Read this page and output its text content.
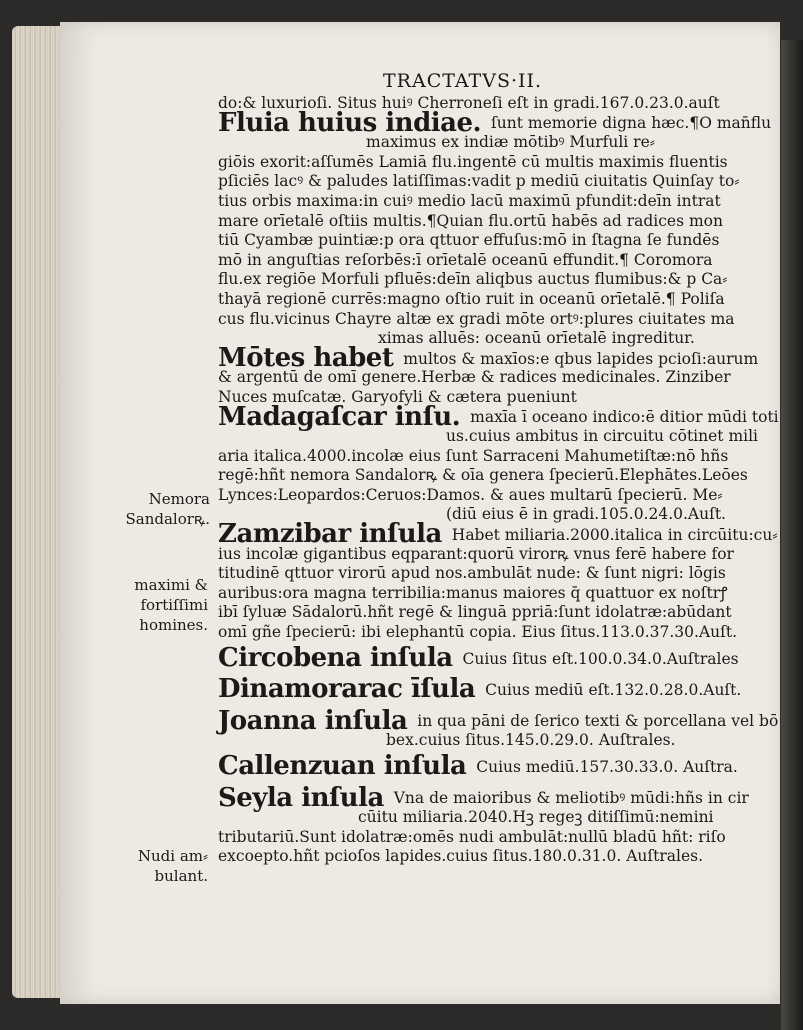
TRACTATVS·II.
Nemora
Sandalorꝶ.
maximi &
fortiſſimi
homines.
Nudi am⸗
bulant.
do:& luxurioſi. Situs huiꝰ Cherroneſi eſt in gradi.167.0.23.0.auſt
Fluia huius indiae. ſunt memorie digna hæc.¶O man̄flu
maximus ex indiæ mōtibꝰ Murfuli re⸗
giōis exorit:aſſumēs Lamiā flu.ingentē cū multis maximis fluentis
pſiciēs lacꝰ & paludes latiſſimas:vadit p mediū ciuitatis Quinſay to⸗
tius orbis maxima:in cuiꝰ medio lacū maximū pfundit:deīn intrat
mare orīetalē oſtiis multis.¶Quian flu.ortū habēs ad radices mon
tiū Cyambæ puintiæ:p ora qttuor effuſus:mō in ſtagna ſe fundēs
mō in anguſtias reſorbēs:ī orīetalē oceanū effundit.¶ Coromora
flu.ex regiōe Morfuli pfluēs:deīn aliqbus auctus flumibus:& p Ca⸗
thayā regionē currēs:magno oſtio ruit in oceanū orīetalē.¶ Poliſa
cus flu.vicinus Chayre altæ ex gradi mōte ortꝰ:plures ciuitates ma
ximas alluēs: oceanū orīetalē ingreditur.
Mōtes habet multos & maxīos:e qbus lapides pcioſi:aurum
& argentū de omī genere.Herbæ & radices medicinales. Zinziber
Nuces muſcatæ. Garyofyli & cætera pueniunt
Madagaſcar inſu. maxīa ī oceano indico:ē ditior mūdi toti
us.cuius ambitus in circuitu cōtinet mili
aria italica.4000.incolæ eius ſunt Sarraceni Mahumetiſtæ:nō hñs
regē:hñt nemora Sandalorꝶ & oīa genera ſpecierū.Elephātes.Leōes
Lynces:Leopardos:Ceruos:Damos. & aues multarū ſpecierū. Me⸗
(diū eius ē in gradi.105.0.24.0.Auſt.
Zamzibar inſula Habet miliaria.2000.italica in circūitu:cu⸗
ius incolæ gigantibus eqparant:quorū virorꝶ vnus ferē habere for
titudinē qttuor virorū apud nos.ambulāt nude: & ſunt nigri: lōgis
auribus:ora magna terribilia:manus maiores q̄ quattuor ex noſtrꝭ
ibī ſyluæ Sādalorū.hñt regē & linguā ppriā:ſunt idolatræ:abūdant
omī gñe ſpecierū: ibi elephantū copia. Eius ſitus.113.0.37.30.Auſt.
Circobena inſula Cuius ſitus eſt.100.0.34.0.Auſtrales
Dinamorarac īſula Cuius mediū eſt.132.0.28.0.Auſt.
Joanna inſula in qua pāni de ſerico texti & porcellana vel bō
bex.cuius ſitus.145.0.29.0. Auſtrales.
Callenzuan inſula Cuius mediū.157.30.33.0. Auſtra.
Seyla inſula Vna de maioribus & meliotibꝰ mūdi:hñs in cir
cūitu miliaria.2040.Hꝫ regeꝫ ditiſſimū:nemini
tributariū.Sunt idolatræ:omēs nudi ambulāt:nullū bladū hñt: riſo
excoepto.hñt pcioſos lapides.cuius ſitus.180.0.31.0. Auſtrales.
